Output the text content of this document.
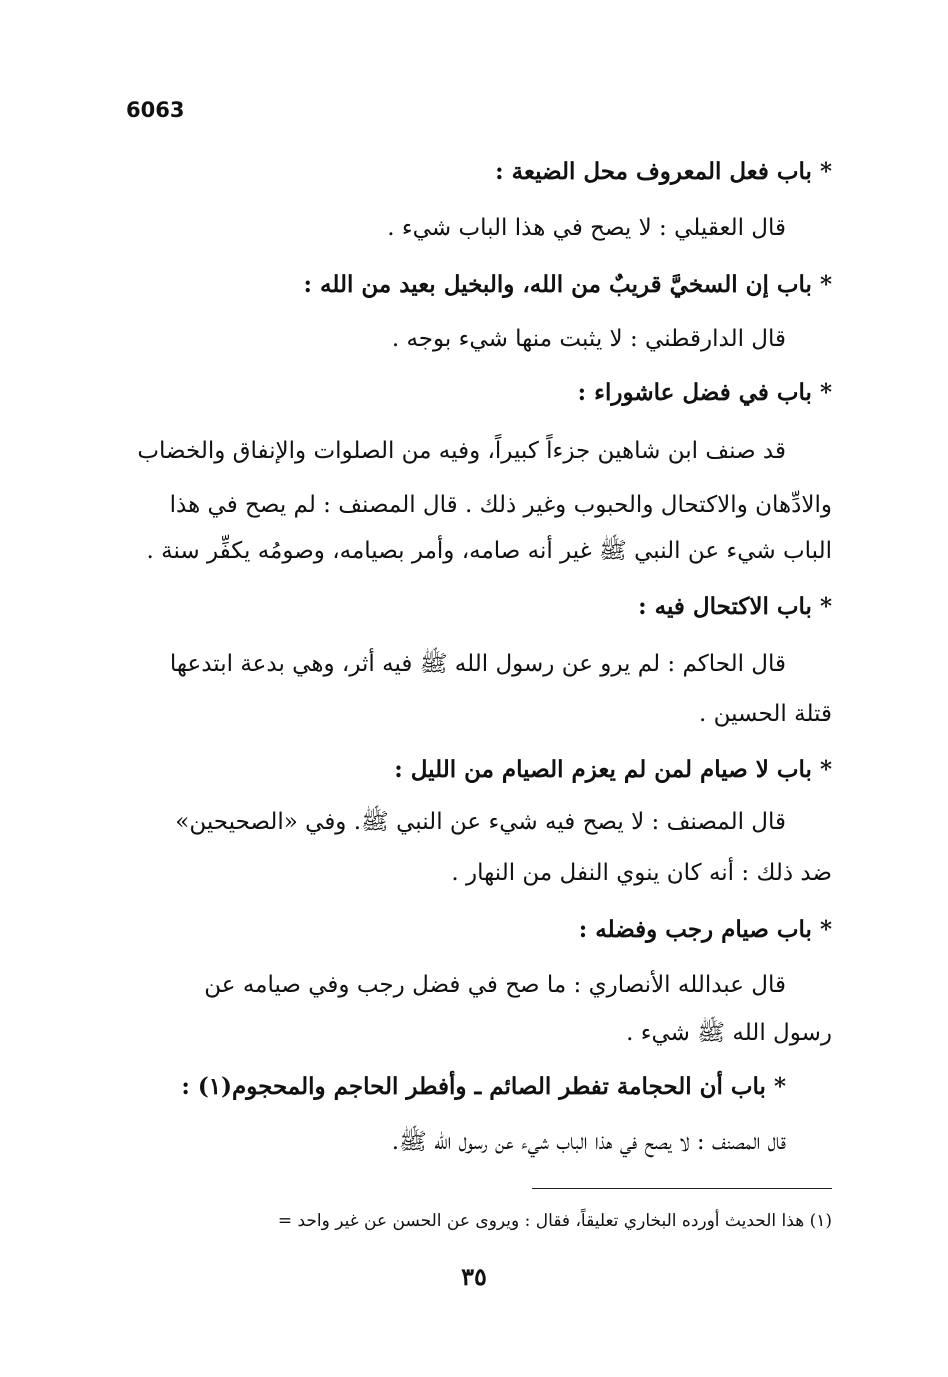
6063
* باب فعل المعروف محل الضيعة :
قال العقيلي : لا يصح في هذا الباب شيء .
* باب إن السخيَّ قريبٌ من الله، والبخيل بعيد من الله :
قال الدارقطني : لا يثبت منها شيء بوجه .
* باب في فضل عاشوراء :
قد صنف ابن شاهين جزءاً كبيراً، وفيه من الصلوات والإنفاق والخضاب
والادِّهان والاكتحال والحبوب وغير ذلك . قال المصنف : لم يصح في هذا
الباب شيء عن النبي ﷺ غير أنه صامه، وأمر بصيامه، وصومُه يكفِّر سنة .
* باب الاكتحال فيه :
قال الحاكم : لم يرو عن رسول الله ﷺ فيه أثر، وهي بدعة ابتدعها
قتلة الحسين .
* باب لا صيام لمن لم يعزم الصيام من الليل :
قال المصنف : لا يصح فيه شيء عن النبي ﷺ. وفي «الصحيحين»
ضد ذلك : أنه كان ينوي النفل من النهار .
* باب صيام رجب وفضله :
قال عبدالله الأنصاري : ما صح في فضل رجب وفي صيامه عن
رسول الله ﷺ شيء .
* باب أن الحجامة تفطر الصائم ـ وأفطر الحاجم والمحجوم(١) :
قال المصنف : لا يصح في هذا الباب شيء عن رسول الله ﷺ.
(١) هذا الحديث أورده البخاري تعليقاً، فقال : ويروى عن الحسن عن غير واحد =
٣٥
